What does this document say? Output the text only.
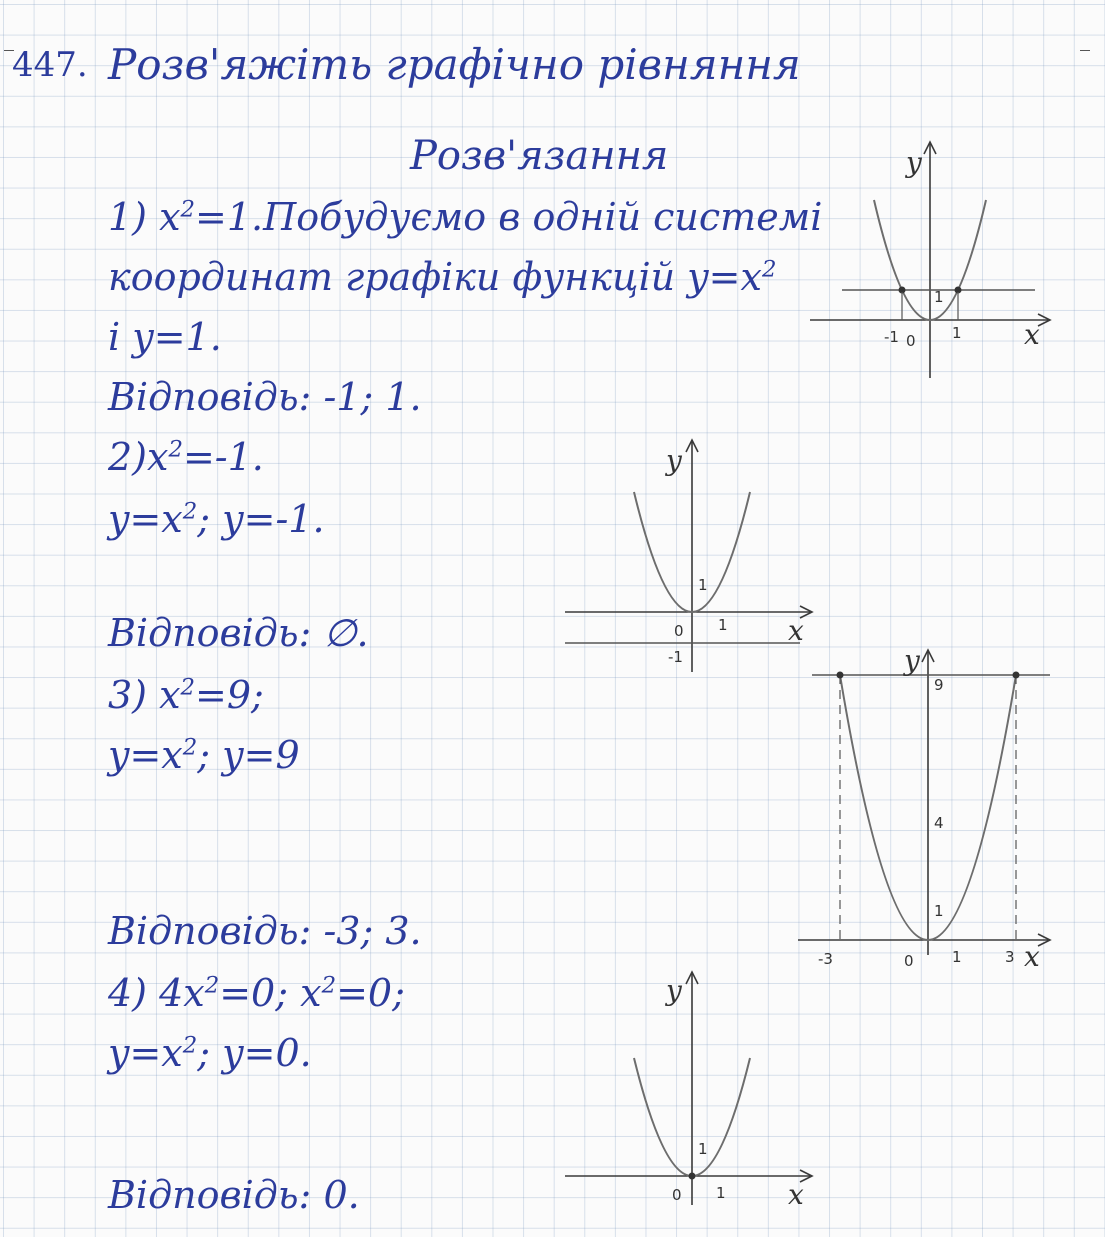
447. Розв'яжіть графічно рівняння
Розв'язання
1) $x^2=1.Побудуємо$ в одній системі
координат графіки функцій $y=x^2$
і y=1.
Відповідь: -1; 1.
$2)x^2=-1$.
$y=x^2$; y=-1.
Відповідь: ∅.
3) $x^2=9$;
$y=x^2$; y=9
Відповідь: -3; 3.
4) $4x^2=0$; $x^2=0$;
$y=x^2$; y=0.
Відповідь: 0.
-1 0 1
1
x
y
0 1
1
-1
x
y
-3	0	1	3
1
4
9
x
y
0 1
1
x
y
